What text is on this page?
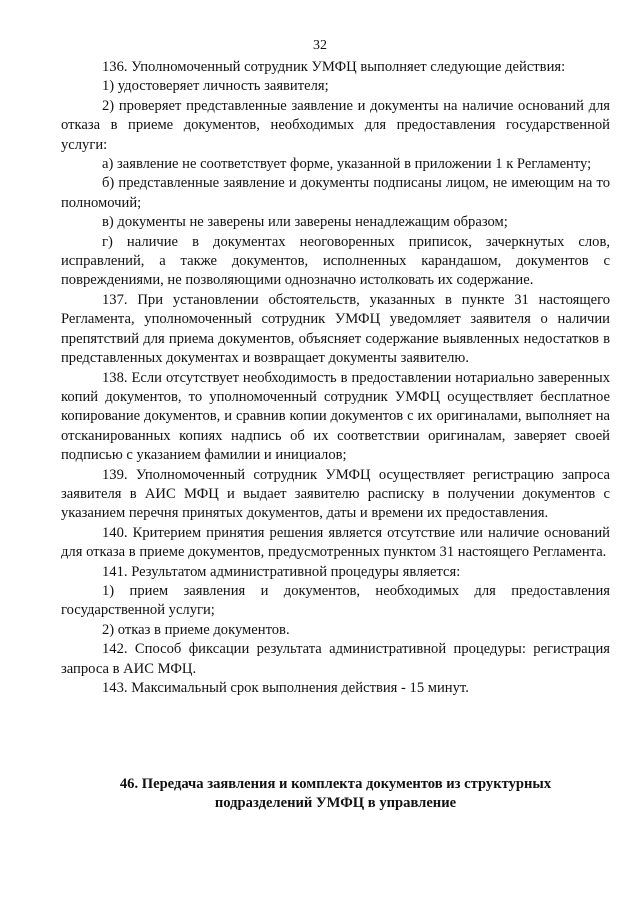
32

136. Уполномоченный сотрудник УМФЦ выполняет следующие действия:

1) удостоверяет личность заявителя;

2) проверяет представленные заявление и документы на наличие оснований для отказа в приеме документов, необходимых для предоставления государственной услуги:

а) заявление не соответствует форме, указанной в приложении 1 к Регламенту;

б) представленные заявление и документы подписаны лицом, не имеющим на то полномочий;

в) документы не заверены или заверены ненадлежащим образом;

г) наличие в документах неоговоренных приписок, зачеркнутых слов, исправлений, а также документов, исполненных карандашом, документов с повреждениями, не позволяющими однозначно истолковать их содержание.

137. При установлении обстоятельств, указанных в пункте 31 настоящего Регламента, уполномоченный сотрудник УМФЦ уведомляет заявителя о наличии препятствий для приема документов, объясняет содержание выявленных недостатков в представленных документах и возвращает документы заявителю.

138. Если отсутствует необходимость в предоставлении нотариально заверенных копий документов, то уполномоченный сотрудник УМФЦ осуществляет бесплатное копирование документов, и сравнив копии документов с их оригиналами, выполняет на отсканированных копиях надпись об их соответствии оригиналам, заверяет своей подписью с указанием фамилии и инициалов;

139. Уполномоченный сотрудник УМФЦ осуществляет регистрацию запроса заявителя в АИС МФЦ и выдает заявителю расписку в получении документов с указанием перечня принятых документов, даты и времени их предоставления.

140. Критерием принятия решения является отсутствие или наличие оснований для отказа в приеме документов, предусмотренных пунктом 31 настоящего Регламента.

141. Результатом административной процедуры является:

1) прием заявления и документов, необходимых для предоставления государственной услуги;

2) отказ в приеме документов.

142. Способ фиксации результата административной процедуры: регистрация запроса в АИС МФЦ.

143. Максимальный срок выполнения действия - 15 минут.

46. Передача заявления и комплекта документов из структурных
подразделений УМФЦ в управление
